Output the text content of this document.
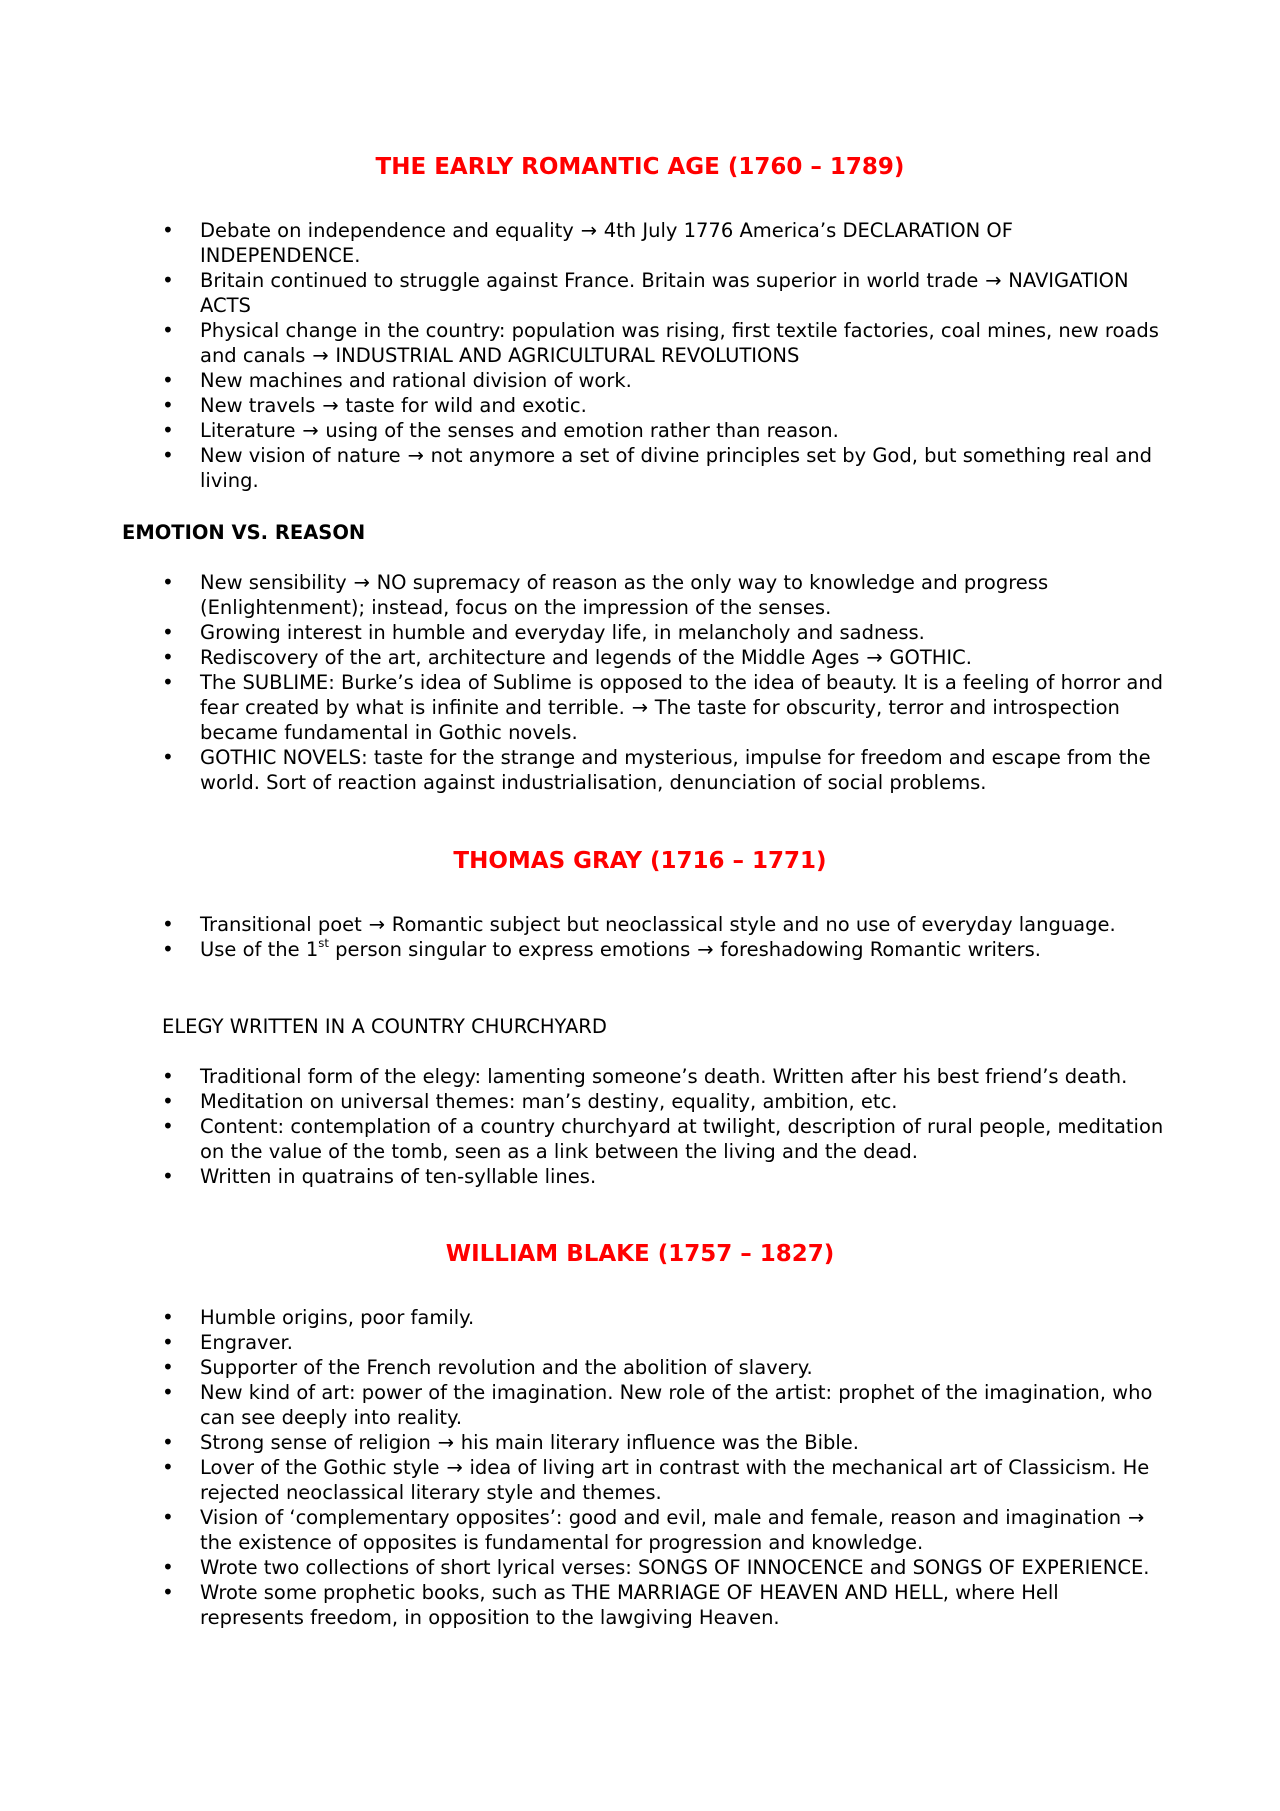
THE EARLY ROMANTIC AGE (1760 – 1789)
• Debate on independence and equality → 4th July 1776 America’s DECLARATION OF INDEPENDENCE.
• Britain continued to struggle against France. Britain was superior in world trade → NAVIGATION ACTS
• Physical change in the country: population was rising, first textile factories, coal mines, new roads and canals → INDUSTRIAL AND AGRICULTURAL REVOLUTIONS
• New machines and rational division of work.
• New travels → taste for wild and exotic.
• Literature → using of the senses and emotion rather than reason.
• New vision of nature → not anymore a set of divine principles set by God, but something real and living.

EMOTION VS. REASON

• New sensibility → NO supremacy of reason as the only way to knowledge and progress (Enlightenment); instead, focus on the impression of the senses.
• Growing interest in humble and everyday life, in melancholy and sadness.
• Rediscovery of the art, architecture and legends of the Middle Ages → GOTHIC.
• The SUBLIME: Burke’s idea of Sublime is opposed to the idea of beauty. It is a feeling of horror and fear created by what is infinite and terrible. → The taste for obscurity, terror and introspection became fundamental in Gothic novels.
• GOTHIC NOVELS: taste for the strange and mysterious, impulse for freedom and escape from the world. Sort of reaction against industrialisation, denunciation of social problems.
THOMAS GRAY (1716 – 1771)
• Transitional poet → Romantic subject but neoclassical style and no use of everyday language.
• Use of the 1st person singular to express emotions → foreshadowing Romantic writers.

ELEGY WRITTEN IN A COUNTRY CHURCHYARD

• Traditional form of the elegy: lamenting someone’s death. Written after his best friend’s death.
• Meditation on universal themes: man’s destiny, equality, ambition, etc.
• Content: contemplation of a country churchyard at twilight, description of rural people, meditation on the value of the tomb, seen as a link between the living and the dead.
• Written in quatrains of ten-syllable lines.
WILLIAM BLAKE (1757 – 1827)
• Humble origins, poor family.
• Engraver.
• Supporter of the French revolution and the abolition of slavery.
• New kind of art: power of the imagination. New role of the artist: prophet of the imagination, who can see deeply into reality.
• Strong sense of religion → his main literary influence was the Bible.
• Lover of the Gothic style → idea of living art in contrast with the mechanical art of Classicism. He rejected neoclassical literary style and themes.
• Vision of ‘complementary opposites’: good and evil, male and female, reason and imagination → the existence of opposites is fundamental for progression and knowledge.
• Wrote two collections of short lyrical verses: SONGS OF INNOCENCE and SONGS OF EXPERIENCE.
• Wrote some prophetic books, such as THE MARRIAGE OF HEAVEN AND HELL, where Hell represents freedom, in opposition to the lawgiving Heaven.
